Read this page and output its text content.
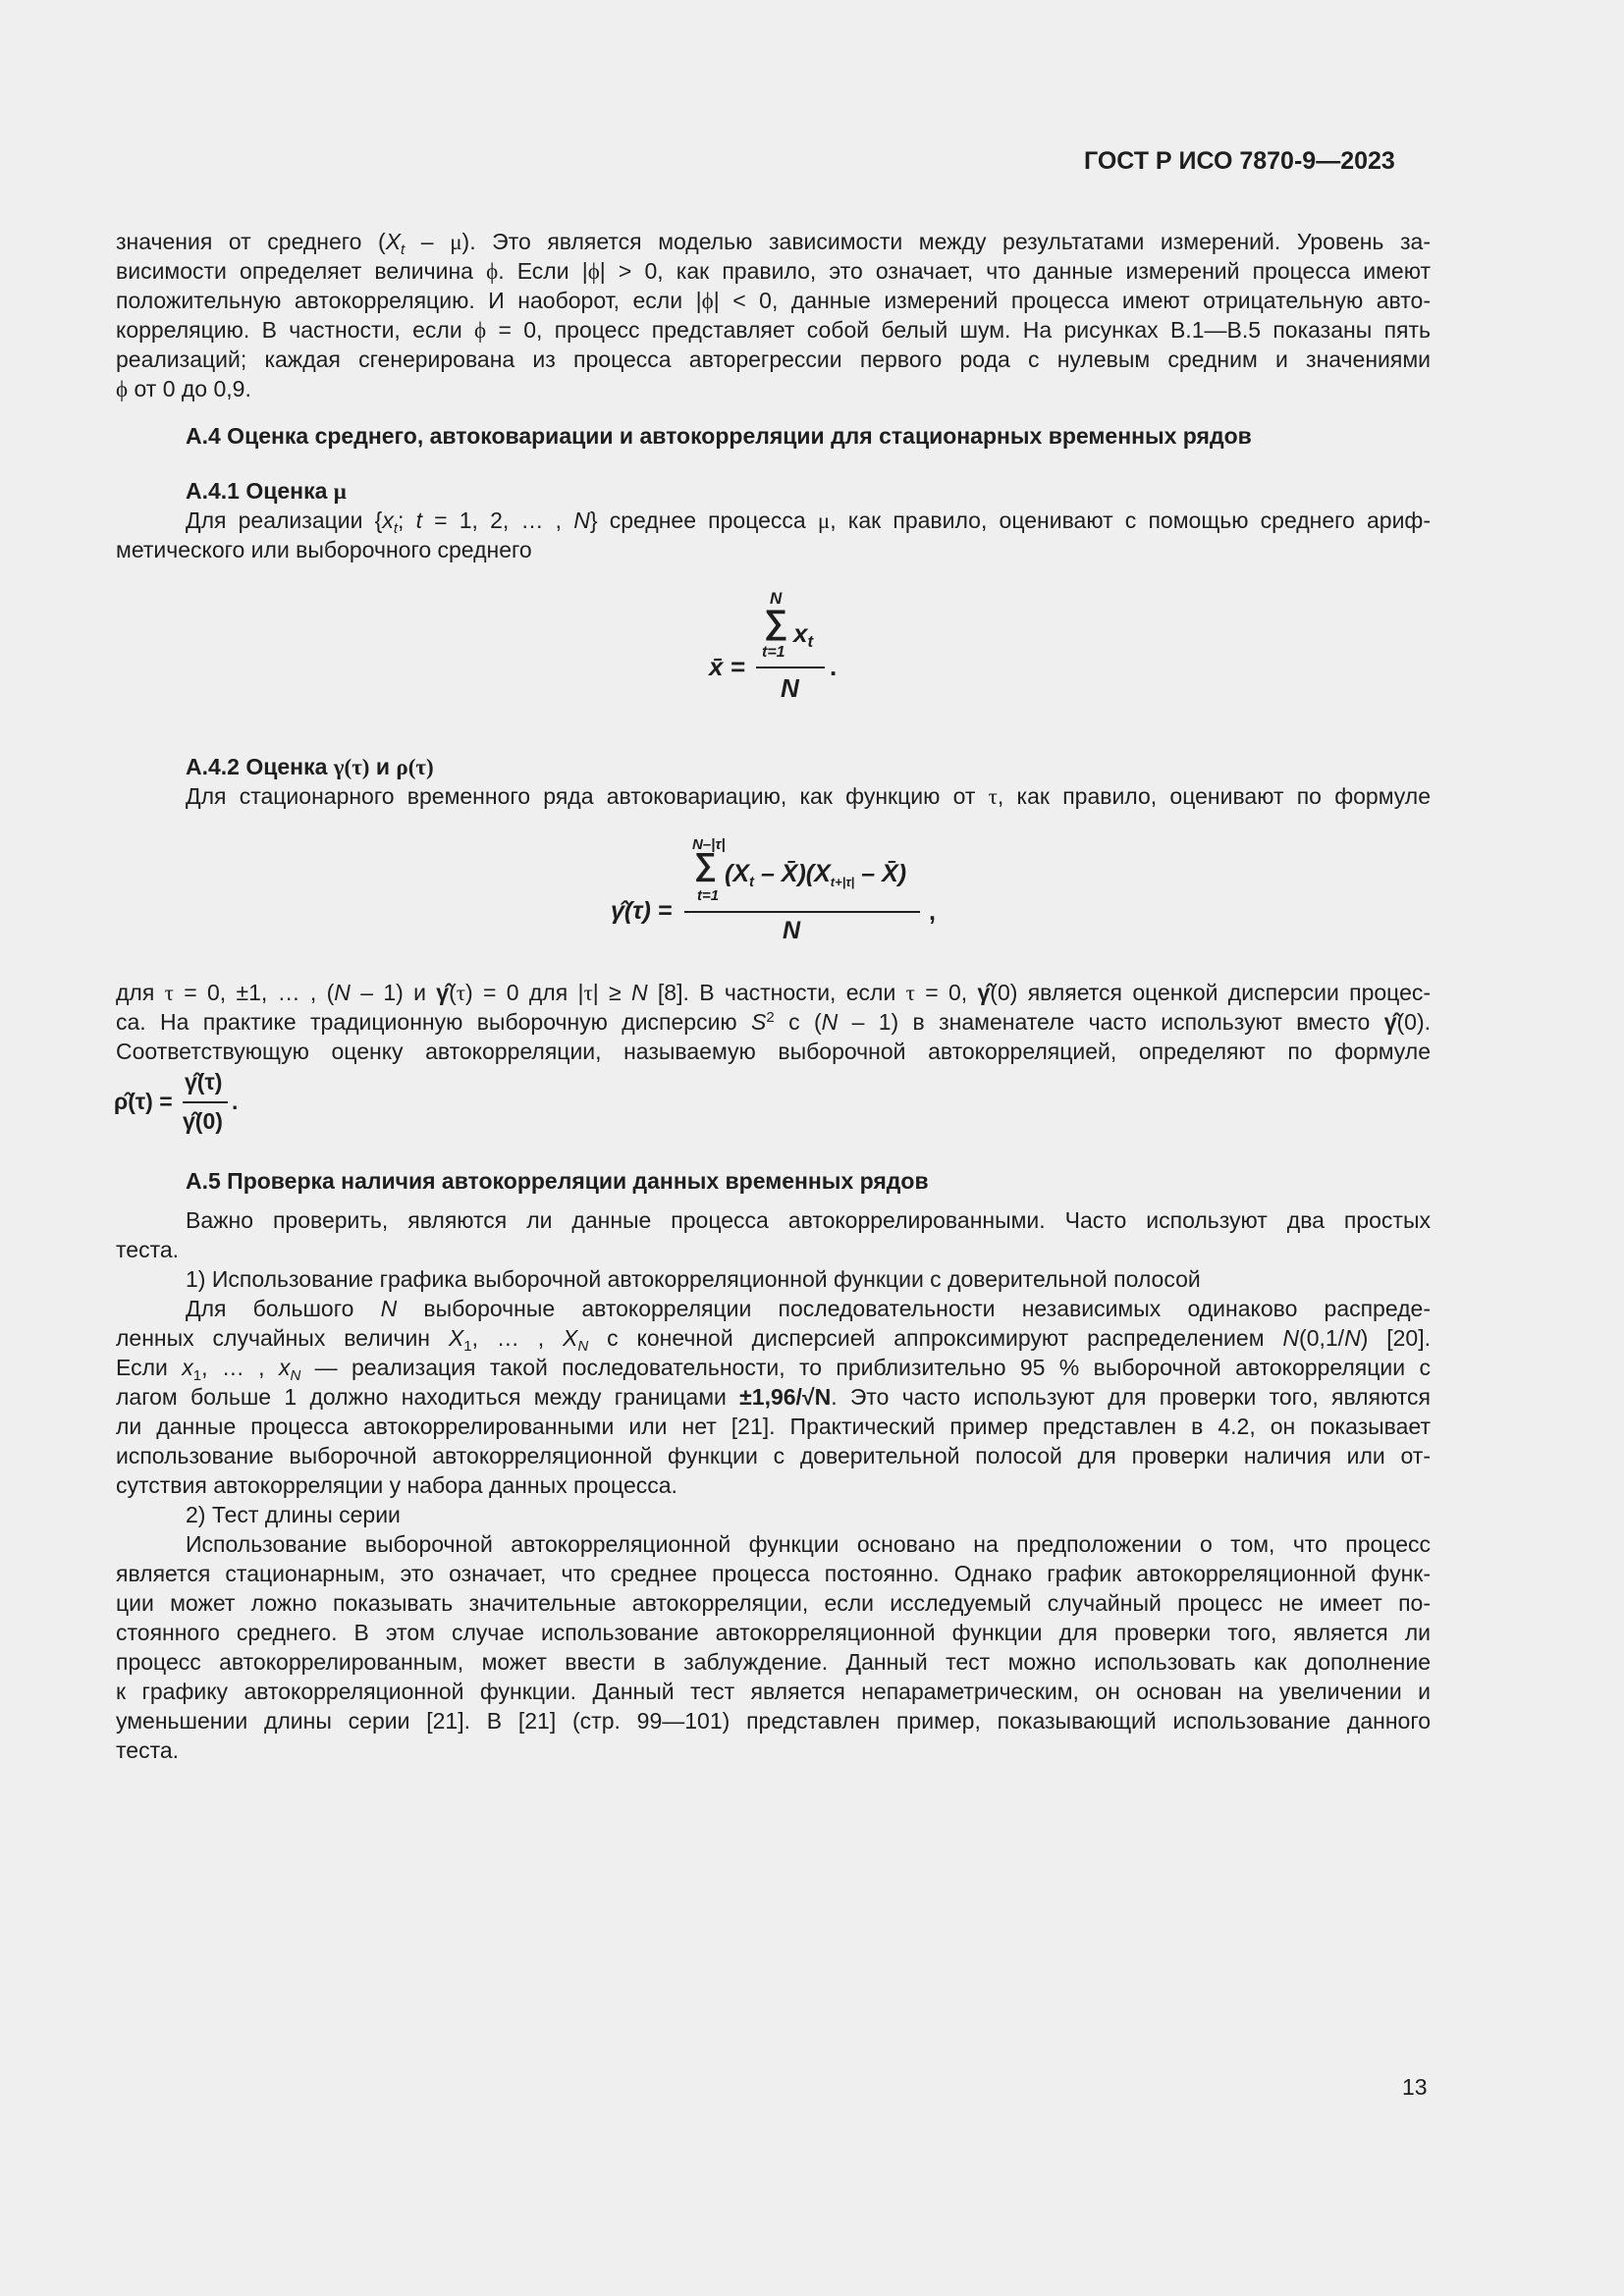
ГОСТ Р ИСО 7870-9—2023
значения от среднего $(X_t - \mu)$. Это является моделью зависимости между результатами измерений. Уровень за-
висимости определяет величина ϕ. Если |ϕ| > 0, как правило, это означает, что данные измерений процесса имеют
положительную автокорреляцию. И наоборот, если |ϕ| < 0, данные измерений процесса имеют отрицательную авто-
корреляцию. В частности, если ϕ = 0, процесс представляет собой белый шум. На рисунках B.1—B.5 показаны пять
реализаций; каждая сгенерирована из процесса авторегрессии первого рода с нулевым средним и значениями
ϕ от 0 до 0,9.
А.4 Оценка среднего, автоковариации и автокорреляции для стационарных временных рядов
А.4.1 Оценка μ
Для реализации {$x_t$; t = 1, 2, … , N} среднее процесса μ, как правило, оценивают с помощью среднего ариф-
метического или выборочного среднего
N
∑ $x_t$
t=1
x̄ =
N
.
А.4.2 Оценка γ(τ) и ρ(τ)
Для стационарного временного ряда автоковариацию, как функцию от τ, как правило, оценивают по формуле
N–|τ|
∑
t=1
($X_t$ – $X̄)(X_{t+|\tau|}$ – X̄)
γ̂(τ) =
N
,
для τ = 0, ±1, … , (N – 1) и γ̂(τ) = 0 для |τ| ≥ N [8]. В частности, если τ = 0, γ̂(0) является оценкой дисперсии процес-
са. На практике традиционную выборочную дисперсию $S^2$ с (N – 1) в знаменателе часто используют вместо γ̂(0).
Соответствующую оценку автокорреляции, называемую выборочной автокорреляцией, определяют по формуле
γ̂(τ)
ρ̂(τ) =
γ̂(0)
.
А.5 Проверка наличия автокорреляции данных временных рядов
Важно проверить, являются ли данные процесса автокоррелированными. Часто используют два простых
теста.
1) Использование графика выборочной автокорреляционной функции с доверительной полосой
Для большого N выборочные автокорреляции последовательности независимых одинаково распреде-
ленных случайных величин $X_1$, … , $X_N$ с конечной дисперсией аппроксимируют распределением N(0,1/N) [20].
Если $x_1$, … , $x_N$ — реализация такой последовательности, то приблизительно 95 % выборочной автокорреляции с
лагом больше 1 должно находиться между границами ±1,96/√N. Это часто используют для проверки того, являются
ли данные процесса автокоррелированными или нет [21]. Практический пример представлен в 4.2, он показывает
использование выборочной автокорреляционной функции с доверительной полосой для проверки наличия или от-
сутствия автокорреляции у набора данных процесса.
2) Тест длины серии
Использование выборочной автокорреляционной функции основано на предположении о том, что процесс
является стационарным, это означает, что среднее процесса постоянно. Однако график автокорреляционной функ-
ции может ложно показывать значительные автокорреляции, если исследуемый случайный процесс не имеет по-
стоянного среднего. В этом случае использование автокорреляционной функции для проверки того, является ли
процесс автокоррелированным, может ввести в заблуждение. Данный тест можно использовать как дополнение
к графику автокорреляционной функции. Данный тест является непараметрическим, он основан на увеличении и
уменьшении длины серии [21]. В [21] (стр. 99—101) представлен пример, показывающий использование данного
теста.
13
